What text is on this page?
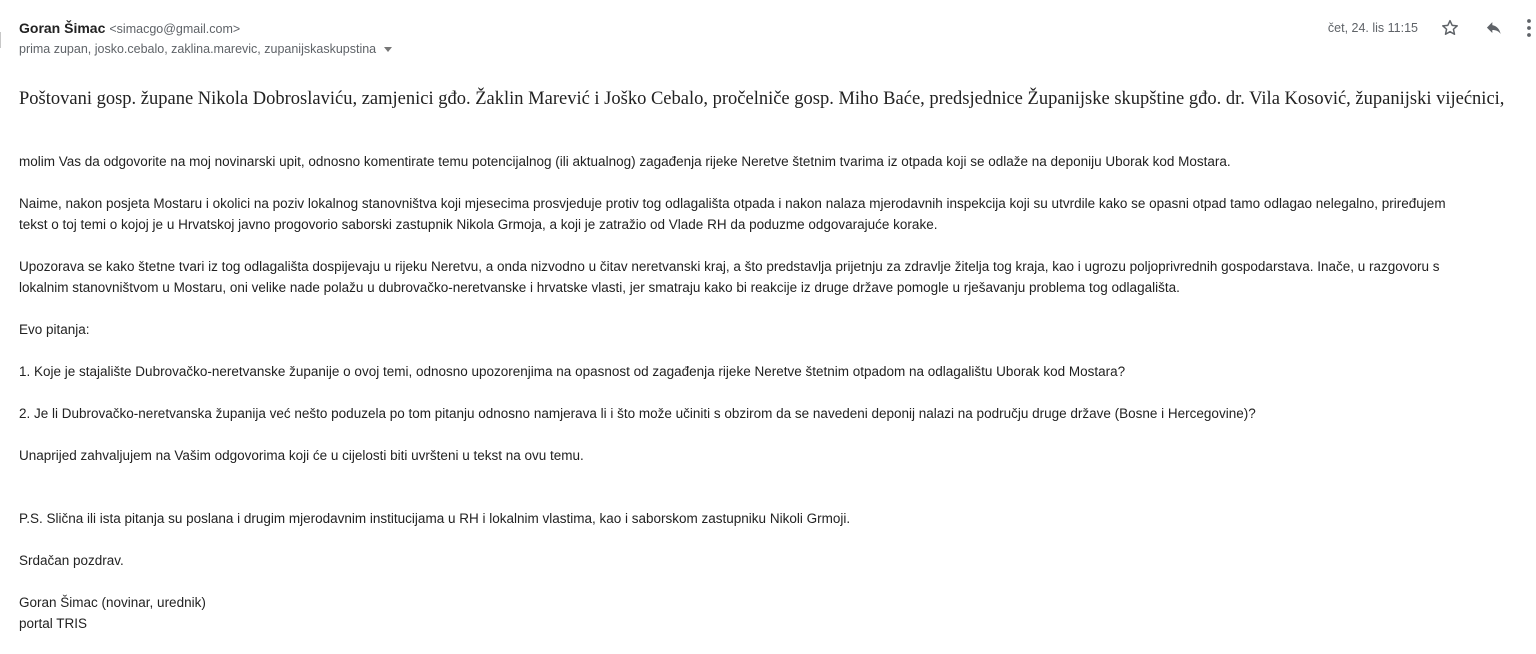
Goran Šimac <simacgo@gmail.com>
prima zupan, josko.cebalo, zaklina.marevic, zupanijskaskupstina
čet, 24. lis 11:15

Poštovani gosp. župane Nikola Dobroslaviću, zamjenici gđo. Žaklin Marević i Joško Cebalo, pročelniče gosp. Miho Baće, predsjednice Županijske skupštine gđo. dr. Vila Kosović, županijski vijećnici,

molim Vas da odgovorite na moj novinarski upit, odnosno komentirate temu potencijalnog (ili aktualnog) zagađenja rijeke Neretve štetnim tvarima iz otpada koji se odlaže na deponiju Uborak kod Mostara.

Naime, nakon posjeta Mostaru i okolici na poziv lokalnog stanovništva koji mjesecima prosvjeduje protiv tog odlagališta otpada i nakon nalaza mjerodavnih inspekcija koji su utvrdile kako se opasni otpad tamo odlagao nelegalno, priređujem

tekst o toj temi o kojoj je u Hrvatskoj javno progovorio saborski zastupnik Nikola Grmoja, a koji je zatražio od Vlade RH da poduzme odgovarajuće korake.

Upozorava se kako štetne tvari iz tog odlagališta dospijevaju u rijeku Neretvu, a onda nizvodno u čitav neretvanski kraj, a što predstavlja prijetnju za zdravlje žitelja tog kraja, kao i ugrozu poljoprivrednih gospodarstava. Inače, u razgovoru s

lokalnim stanovništvom u Mostaru, oni velike nade polažu u dubrovačko-neretvanske i hrvatske vlasti, jer smatraju kako bi reakcije iz druge države pomogle u rješavanju problema tog odlagališta.

Evo pitanja:

1. Koje je stajalište Dubrovačko-neretvanske županije o ovoj temi, odnosno upozorenjima na opasnost od zagađenja rijeke Neretve štetnim otpadom na odlagalištu Uborak kod Mostara?

2. Je li Dubrovačko-neretvanska županija već nešto poduzela po tom pitanju odnosno namjerava li i što može učiniti s obzirom da se navedeni deponij nalazi na području druge države (Bosne i Hercegovine)?

Unaprijed zahvaljujem na Vašim odgovorima koji će u cijelosti biti uvršteni u tekst na ovu temu.

P.S. Slična ili ista pitanja su poslana i drugim mjerodavnim institucijama u RH i lokalnim vlastima, kao i saborskom zastupniku Nikoli Grmoji.

Srdačan pozdrav.

Goran Šimac (novinar, urednik)

portal TRIS
